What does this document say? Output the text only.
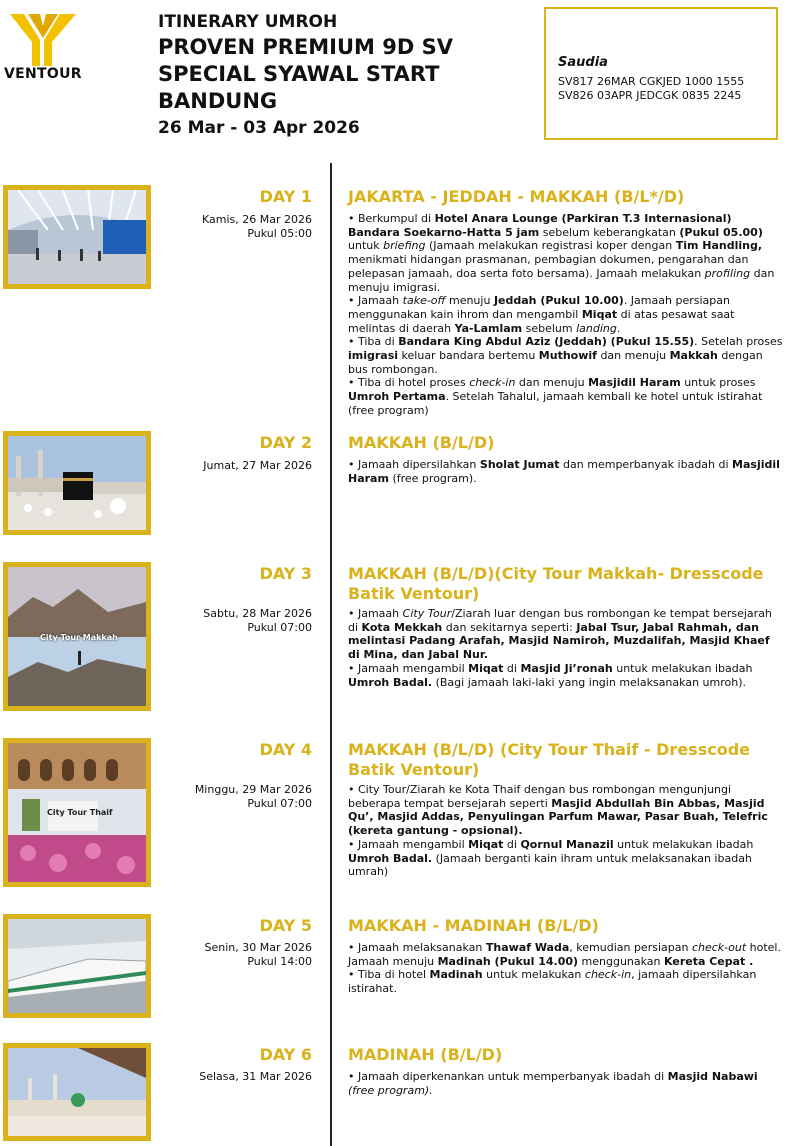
VENTOUR
ITINERARY UMROH
PROVEN PREMIUM 9D SV
SPECIAL SYAWAL START
BANDUNG
26 Mar - 03 Apr 2026
Saudia
SV817 26MAR CGKJED 1000 1555
SV826 03APR JEDCGK 0835 2245
DAY 1
Kamis, 26 Mar 2026
Pukul 05:00
JAKARTA - JEDDAH - MAKKAH (B/L*/D)

• Berkumpul di Hotel Anara Lounge (Parkiran T.3 Internasional) Bandara Soekarno-Hatta 5 jam sebelum keberangkatan (Pukul 05.00) untuk briefing (Jamaah melakukan registrasi koper dengan Tim Handling, menikmati hidangan prasmanan, pembagian dokumen, pengarahan dan pelepasan jamaah, doa serta foto bersama). Jamaah melakukan profiling dan menuju imigrasi.

• Jamaah take-off menuju Jeddah (Pukul 10.00). Jamaah persiapan menggunakan kain ihrom dan mengambil Miqat di atas pesawat saat melintas di daerah Ya-Lamlam sebelum landing.

• Tiba di Bandara King Abdul Aziz (Jeddah) (Pukul 15.55). Setelah proses imigrasi keluar bandara bertemu Muthowif dan menuju Makkah dengan bus rombongan.

• Tiba di hotel proses check-in dan menuju Masjidil Haram untuk proses Umroh Pertama. Setelah Tahalul, jamaah kembali ke hotel untuk istirahat (free program)

DAY 2
Jumat, 27 Mar 2026
MAKKAH (B/L/D)

• Jamaah dipersilahkan Sholat Jumat dan memperbanyak ibadah di Masjidil Haram (free program).

City Tour Makkah
DAY 3
Sabtu, 28 Mar 2026
Pukul 07:00
MAKKAH (B/L/D)(City Tour Makkah- Dresscode Batik Ventour)

• Jamaah City Tour/Ziarah luar dengan bus rombongan ke tempat bersejarah di Kota Mekkah dan sekitarnya seperti: Jabal Tsur, Jabal Rahmah, dan melintasi Padang Arafah, Masjid Namiroh, Muzdalifah, Masjid Khaef di Mina, dan Jabal Nur.

• Jamaah mengambil Miqat di Masjid Ji’ronah untuk melakukan ibadah Umroh Badal. (Bagi jamaah laki-laki yang ingin melaksanakan umroh).

City Tour Thaif
DAY 4
Minggu, 29 Mar 2026
Pukul 07:00
MAKKAH (B/L/D) (City Tour Thaif - Dresscode Batik Ventour)

• City Tour/Ziarah ke Kota Thaif dengan bus rombongan mengunjungi beberapa tempat bersejarah seperti Masjid Abdullah Bin Abbas, Masjid Qu’, Masjid Addas, Penyulingan Parfum Mawar, Pasar Buah, Telefric (kereta gantung - opsional).

• Jamaah mengambil Miqat di Qornul Manazil untuk melakukan ibadah Umroh Badal. (Jamaah berganti kain ihram untuk melaksanakan ibadah umrah)

DAY 5
Senin, 30 Mar 2026
Pukul 14:00
MAKKAH - MADINAH (B/L/D)

• Jamaah melaksanakan Thawaf Wada, kemudian persiapan check-out hotel. Jamaah menuju Madinah (Pukul 14.00) menggunakan Kereta Cepat .

• Tiba di hotel Madinah untuk melakukan check-in, jamaah dipersilahkan istirahat.

DAY 6
Selasa, 31 Mar 2026
MADINAH (B/L/D)

• Jamaah diperkenankan untuk memperbanyak ibadah di Masjid Nabawi (free program).
